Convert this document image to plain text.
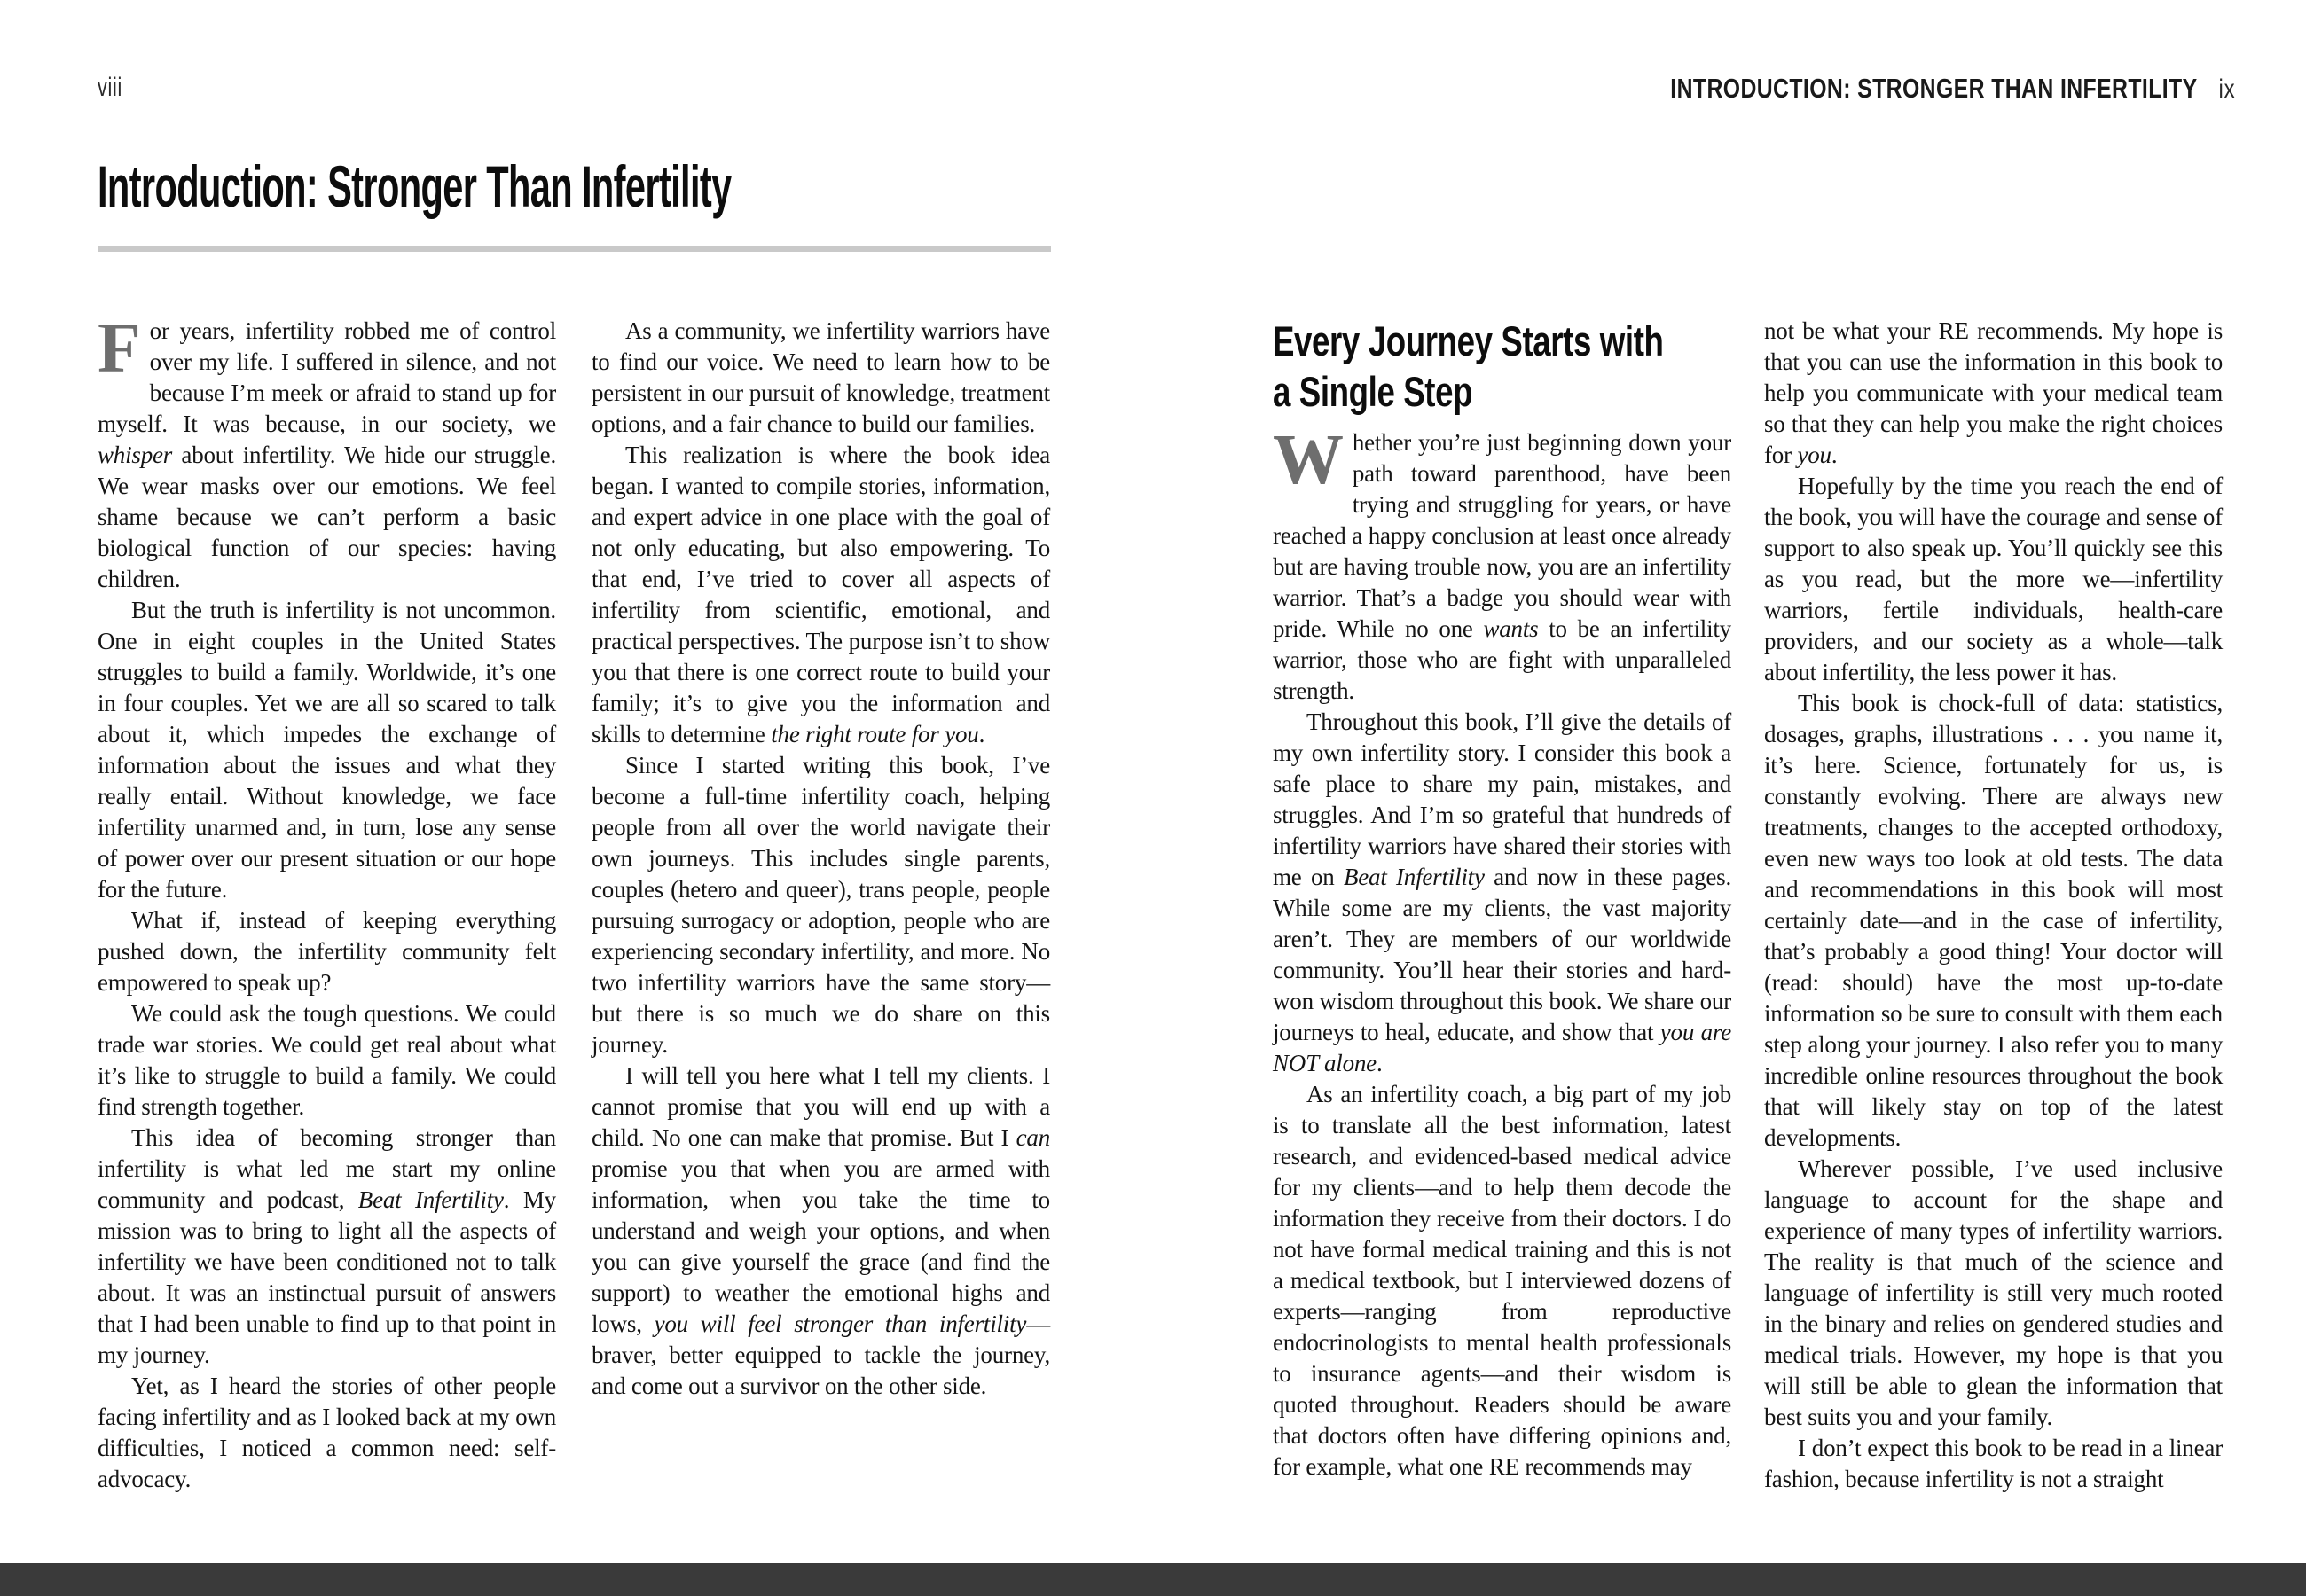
viii	INTRODUCTION: STRONGER THAN INFERTILITY ix
Introduction: Stronger Than Infertility

For years, infertility robbed me of control over my life. I suffered in silence, and not because I’m meek or afraid to stand up for myself. It was because, in our society, we whisper about infertility. We hide our struggle. We wear masks over our emotions. We feel shame because we can’t perform a basic biological function of our species: having children.

But the truth is infertility is not uncommon. One in eight couples in the United States struggles to build a family. Worldwide, it’s one in four couples. Yet we are all so scared to talk about it, which impedes the exchange of information about the issues and what they really entail. Without knowledge, we face infertility unarmed and, in turn, lose any sense of power over our present situation or our hope for the future.

What if, instead of keeping everything pushed down, the infertility community felt empowered to speak up?

We could ask the tough questions. We could trade war stories. We could get real about what it’s like to struggle to build a family. We could find strength together.

This idea of becoming stronger than infertility is what led me start my online community and podcast, Beat Infertility. My mission was to bring to light all the aspects of infertility we have been conditioned not to talk about. It was an instinctual pursuit of answers that I had been unable to find up to that point in my journey.

Yet, as I heard the stories of other people facing infertility and as I looked back at my own difficulties, I noticed a common need: self-advocacy.

As a community, we infertility warriors have to find our voice. We need to learn how to be persistent in our pursuit of knowledge, treatment options, and a fair chance to build our families.

This realization is where the book idea began. I wanted to compile stories, information, and expert advice in one place with the goal of not only educating, but also empowering. To that end, I’ve tried to cover all aspects of infertility from scientific, emotional, and practical perspectives. The purpose isn’t to show you that there is one correct route to build your family; it’s to give you the information and skills to determine the right route for you.

Since I started writing this book, I’ve become a full-time infertility coach, helping people from all over the world navigate their own journeys. This includes single parents, couples (hetero and queer), trans people, people pursuing surrogacy or adoption, people who are experiencing secondary infertility, and more. No two infertility warriors have the same story—but there is so much we do share on this journey.

I will tell you here what I tell my clients. I cannot promise that you will end up with a child. No one can make that promise. But I can promise you that when you are armed with information, when you take the time to understand and weigh your options, and when you can give yourself the grace (and find the support) to weather the emotional highs and lows, you will feel stronger than infertility—braver, better equipped to tackle the journey, and come out a survivor on the other side.

Every Journey Starts with
a Single Step

Whether you’re just beginning down your path toward parenthood, have been trying and struggling for years, or have reached a happy conclusion at least once already but are having trouble now, you are an infertility warrior. That’s a badge you should wear with pride. While no one wants to be an infertility warrior, those who are fight with unparalleled strength.

Throughout this book, I’ll give the details of my own infertility story. I consider this book a safe place to share my pain, mistakes, and struggles. And I’m so grateful that hundreds of infertility warriors have shared their stories with me on Beat Infertility and now in these pages. While some are my clients, the vast majority aren’t. They are members of our worldwide community. You’ll hear their stories and hard-won wisdom throughout this book. We share our journeys to heal, educate, and show that you are NOT alone.

As an infertility coach, a big part of my job is to translate all the best information, latest research, and evidenced-based medical advice for my clients—and to help them decode the information they receive from their doctors. I do not have formal medical training and this is not a medical textbook, but I interviewed dozens of experts—ranging from reproductive endocrinologists to mental health professionals to insurance agents—and their wisdom is quoted throughout. Readers should be aware that doctors often have differing opinions and, for example, what one RE recommends may

not be what your RE recommends. My hope is that you can use the information in this book to help you communicate with your medical team so that they can help you make the right choices for you.

Hopefully by the time you reach the end of the book, you will have the courage and sense of support to also speak up. You’ll quickly see this as you read, but the more we—infertility warriors, fertile individuals, health-care providers, and our society as a whole—talk about infertility, the less power it has.

This book is chock-full of data: statistics, dosages, graphs, illustrations . . . you name it, it’s here. Science, fortunately for us, is constantly evolving. There are always new treatments, changes to the accepted orthodoxy, even new ways too look at old tests. The data and recommendations in this book will most certainly date—and in the case of infertility, that’s probably a good thing! Your doctor will (read: should) have the most up-to-date information so be sure to consult with them each step along your journey. I also refer you to many incredible online resources throughout the book that will likely stay on top of the latest developments.

Wherever possible, I’ve used inclusive language to account for the shape and experience of many types of infertility warriors. The reality is that much of the science and language of infertility is still very much rooted in the binary and relies on gendered studies and medical trials. However, my hope is that you will still be able to glean the information that best suits you and your family.

I don’t expect this book to be read in a linear fashion, because infertility is not a straight
